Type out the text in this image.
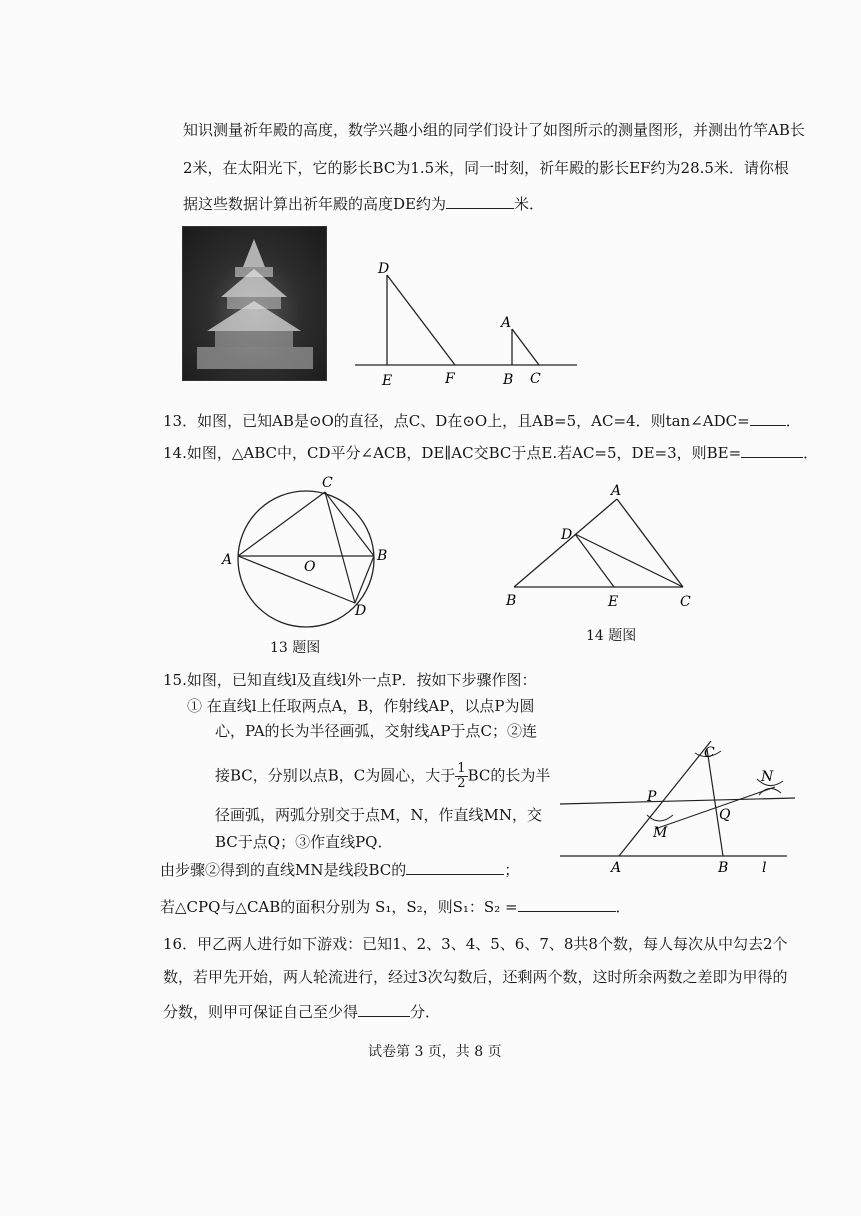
知识测量祈年殿的高度，数学兴趣小组的同学们设计了如图所示的测量图形，并测出竹竿AB长
2米，在太阳光下，它的影长BC为1.5米，同一时刻，祈年殿的影长EF约为28.5米．请你根
据这些数据计算出祈年殿的高度DE约为	米．
D
E	F
A
B C
13．如图，已知AB是⊙O的直径，点C、D在⊙O上，且AB=5，AC=4．则tan∠ADC= ．
14.如图，△ABC中，CD平分∠ACB，DE∥AC交BC于点E.若AC=5，DE=3，则BE=	．
A	B
C
D
O
13 题图
A
B	C
D
E
14 题图
15.如图，已知直线l及直线l外一点P．按如下步骤作图：
① 在直线l上任取两点A，B，作射线AP，以点P为圆
心，PA的长为半径画弧，交射线AP于点C；②连
接BC，分别以点B，C为圆心，大于 $\frac{1}{2}$ BC的长为半
径画弧，两弧分别交于点M，N，作直线MN，交
BC于点Q；③作直线PQ．
由步骤②得到的直线MN是线段BC的	；
若△CPQ与△CAB的面积分别为 S₁，S₂，则S₁：S₂ =	．
C
N
P
Q
M
A	B l
16．甲乙两人进行如下游戏：已知1、2、3、4、5、6、7、8共8个数，每人每次从中勾去2个
数，若甲先开始，两人轮流进行，经过3次勾数后，还剩两个数，这时所余两数之差即为甲得的
分数，则甲可保证自己至少得	分．
试卷第 3 页，共 8 页
